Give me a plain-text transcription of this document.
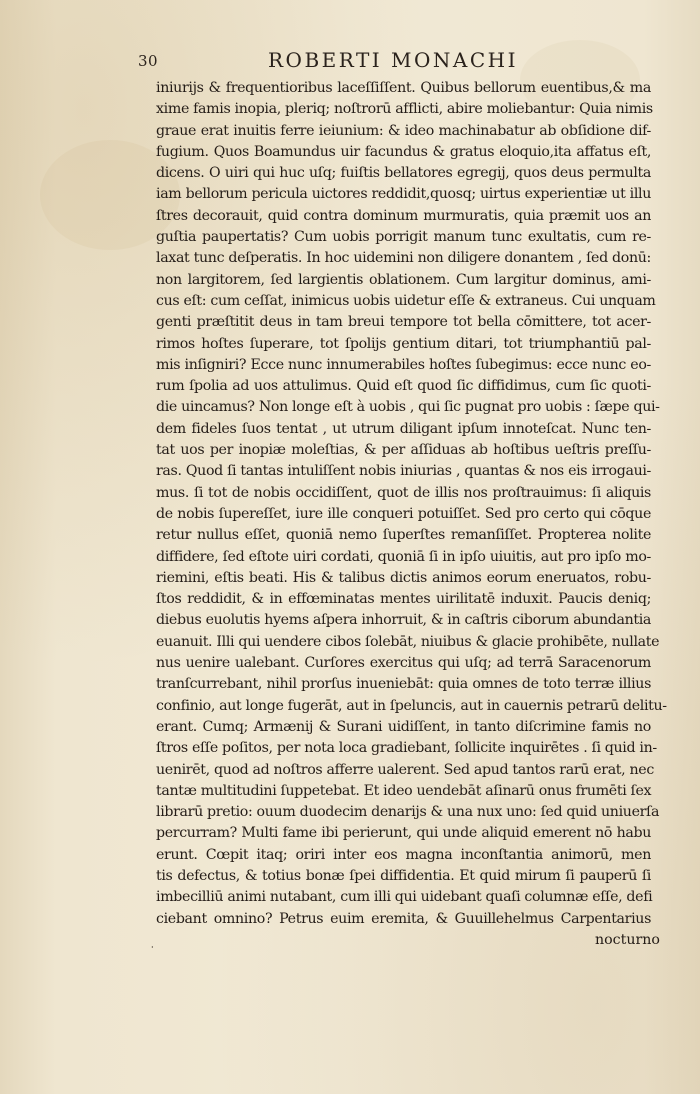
30	ROBERTI MONACHI
iniurijs & frequentioribus laceſſiſſent. Quibus bellorum euentibus,& ma
xime famis inopia, pleriq; noſtrorū afflicti, abire moliebantur: Quia nimis
graue erat inuitis ferre ieiunium: & ideo machinabatur ab obſidione dif-
fugium. Quos Boamundus uir facundus & gratus eloquio,ita affatus eſt,
dicens. O uiri qui huc uſq; fuiſtis bellatores egregij, quos deus permulta
iam bellorum pericula uictores reddidit,quosq; uirtus experientiæ ut illu
ſtres decorauit, quid contra dominum murmuratis, quia præmit uos an
guſtia paupertatis? Cum uobis porrigit manum tunc exultatis, cum re-
laxat tunc deſperatis. In hoc uidemini non diligere donantem , ſed donū:
non largitorem, ſed largientis oblationem. Cum largitur dominus, ami-
cus eſt: cum ceſſat, inimicus uobis uidetur eſſe & extraneus. Cui unquam
genti præſtitit deus in tam breui tempore tot bella cōmittere, tot acer-
rimos hoſtes ſuperare, tot ſpolijs gentium ditari, tot triumphantiū pal-
mis inſigniri? Ecce nunc innumerabiles hoſtes ſubegimus: ecce nunc eo-
rum ſpolia ad uos attulimus. Quid eſt quod ſic diffidimus, cum ſic quoti-
die uincamus? Non longe eſt à uobis , qui ſic pugnat pro uobis : ſæpe qui-
dem fideles ſuos tentat , ut utrum diligant ipſum innoteſcat. Nunc ten-
tat uos per inopiæ moleſtias, & per aſſiduas ab hoſtibus ueſtris preſſu-
ras. Quod ſi tantas intuliſſent nobis iniurias , quantas & nos eis irrogaui-
mus. ſi tot de nobis occidiſſent, quot de illis nos proſtrauimus: ſi aliquis
de nobis ſupereſſet, iure ille conqueri potuiſſet. Sed pro certo qui cōque
retur nullus eſſet, quoniā nemo ſuperſtes remanſiſſet. Propterea nolite
diffidere, ſed eſtote uiri cordati, quoniā ſi in ipſo uiuitis, aut pro ipſo mo-
riemini, eſtis beati. His & talibus dictis animos eorum eneruatos, robu-
ſtos reddidit, & in effœminatas mentes uirilitatē induxit. Paucis deniq;
diebus euolutis hyems aſpera inhorruit, & in caſtris ciborum abundantia
euanuit. Illi qui uendere cibos ſolebāt, niuibus & glacie prohibēte, nullate
nus uenire ualebant. Curſores exercitus qui uſq; ad terrā Saracenorum
tranſcurrebant, nihil prorſus inueniebāt: quia omnes de toto terræ illius
confinio, aut longe fugerāt, aut in ſpeluncis, aut in cauernis petrarū delitu-
erant. Cumq; Armænij & Surani uidiſſent, in tanto diſcrimine famis no
ſtros eſſe poſitos, per nota loca gradiebant, ſollicite inquirētes . ſi quid in-
uenirēt, quod ad noſtros afferre ualerent. Sed apud tantos rarū erat, nec
tantæ multitudini ſuppetebat. Et ideo uendebāt aſinarū onus frumēti ſex
librarū pretio: ouum duodecim denarijs & una nux uno: ſed quid uniuerſa
percurram? Multi fame ibi perierunt, qui unde aliquid emerent nō habu
erunt. Cœpit itaq; oriri inter eos magna inconſtantia animorū, men
tis defectus, & totius bonæ ſpei diffidentia. Et quid mirum ſi pauperū ſi
imbecilliū animi nutabant, cum illi qui uidebant quaſi columnæ eſſe, defi
ciebant omnino? Petrus euim eremita, & Guuillehelmus Carpentarius
⸳	nocturno
